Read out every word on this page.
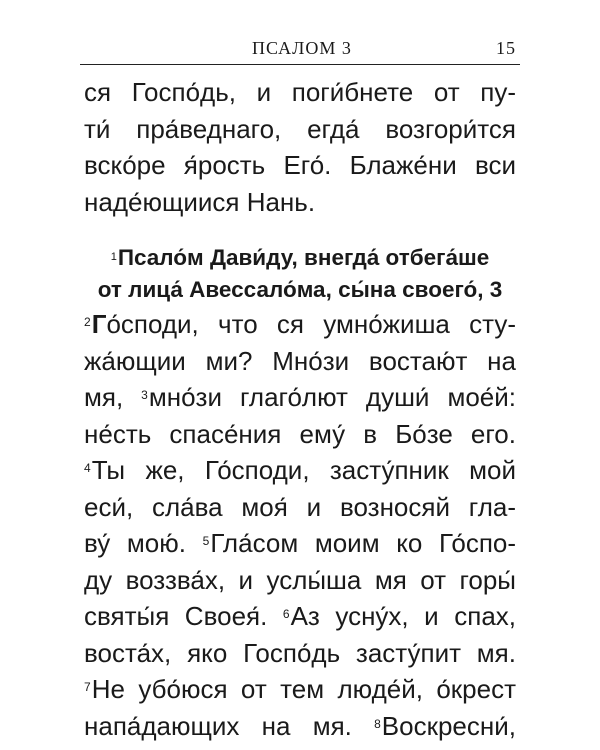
ПСАЛОМ 3	15
ся Госпо́дь, и поги́бнете от пу-
ти́ пра́веднаго, егда́ возгори́тся
вско́ре я́рость Его́. Блаже́ни вси
наде́ющиися Нань.
$^1$Псало́м Дави́ду, внегда́ отбега́ше
от лица́ Авессало́ма, сы́на своего́, 3
$^2$Го́споди, что ся умно́жиша сту-
жа́ющии ми? Мно́зи востаю́т на
мя, $^3$мно́зи глаго́лют души́ мое́й:
не́сть спасе́ния ему́ в Бо́зе его.
$^4$Ты же, Го́споди, засту́пник мой
еси́, сла́ва моя́ и возносяй гла-
ву́ мою́. $^5$Гла́сом моим ко Го́спо-
ду воззва́х, и услы́ша мя от горы́
святы́я Своея́. $^6$Аз усну́х, и спах,
воста́х, яко Госпо́дь засту́пит мя.
$^7$Не убо́юся от тем люде́й, о́крест
напа́дающих на мя. $^8$Воскресни́,
